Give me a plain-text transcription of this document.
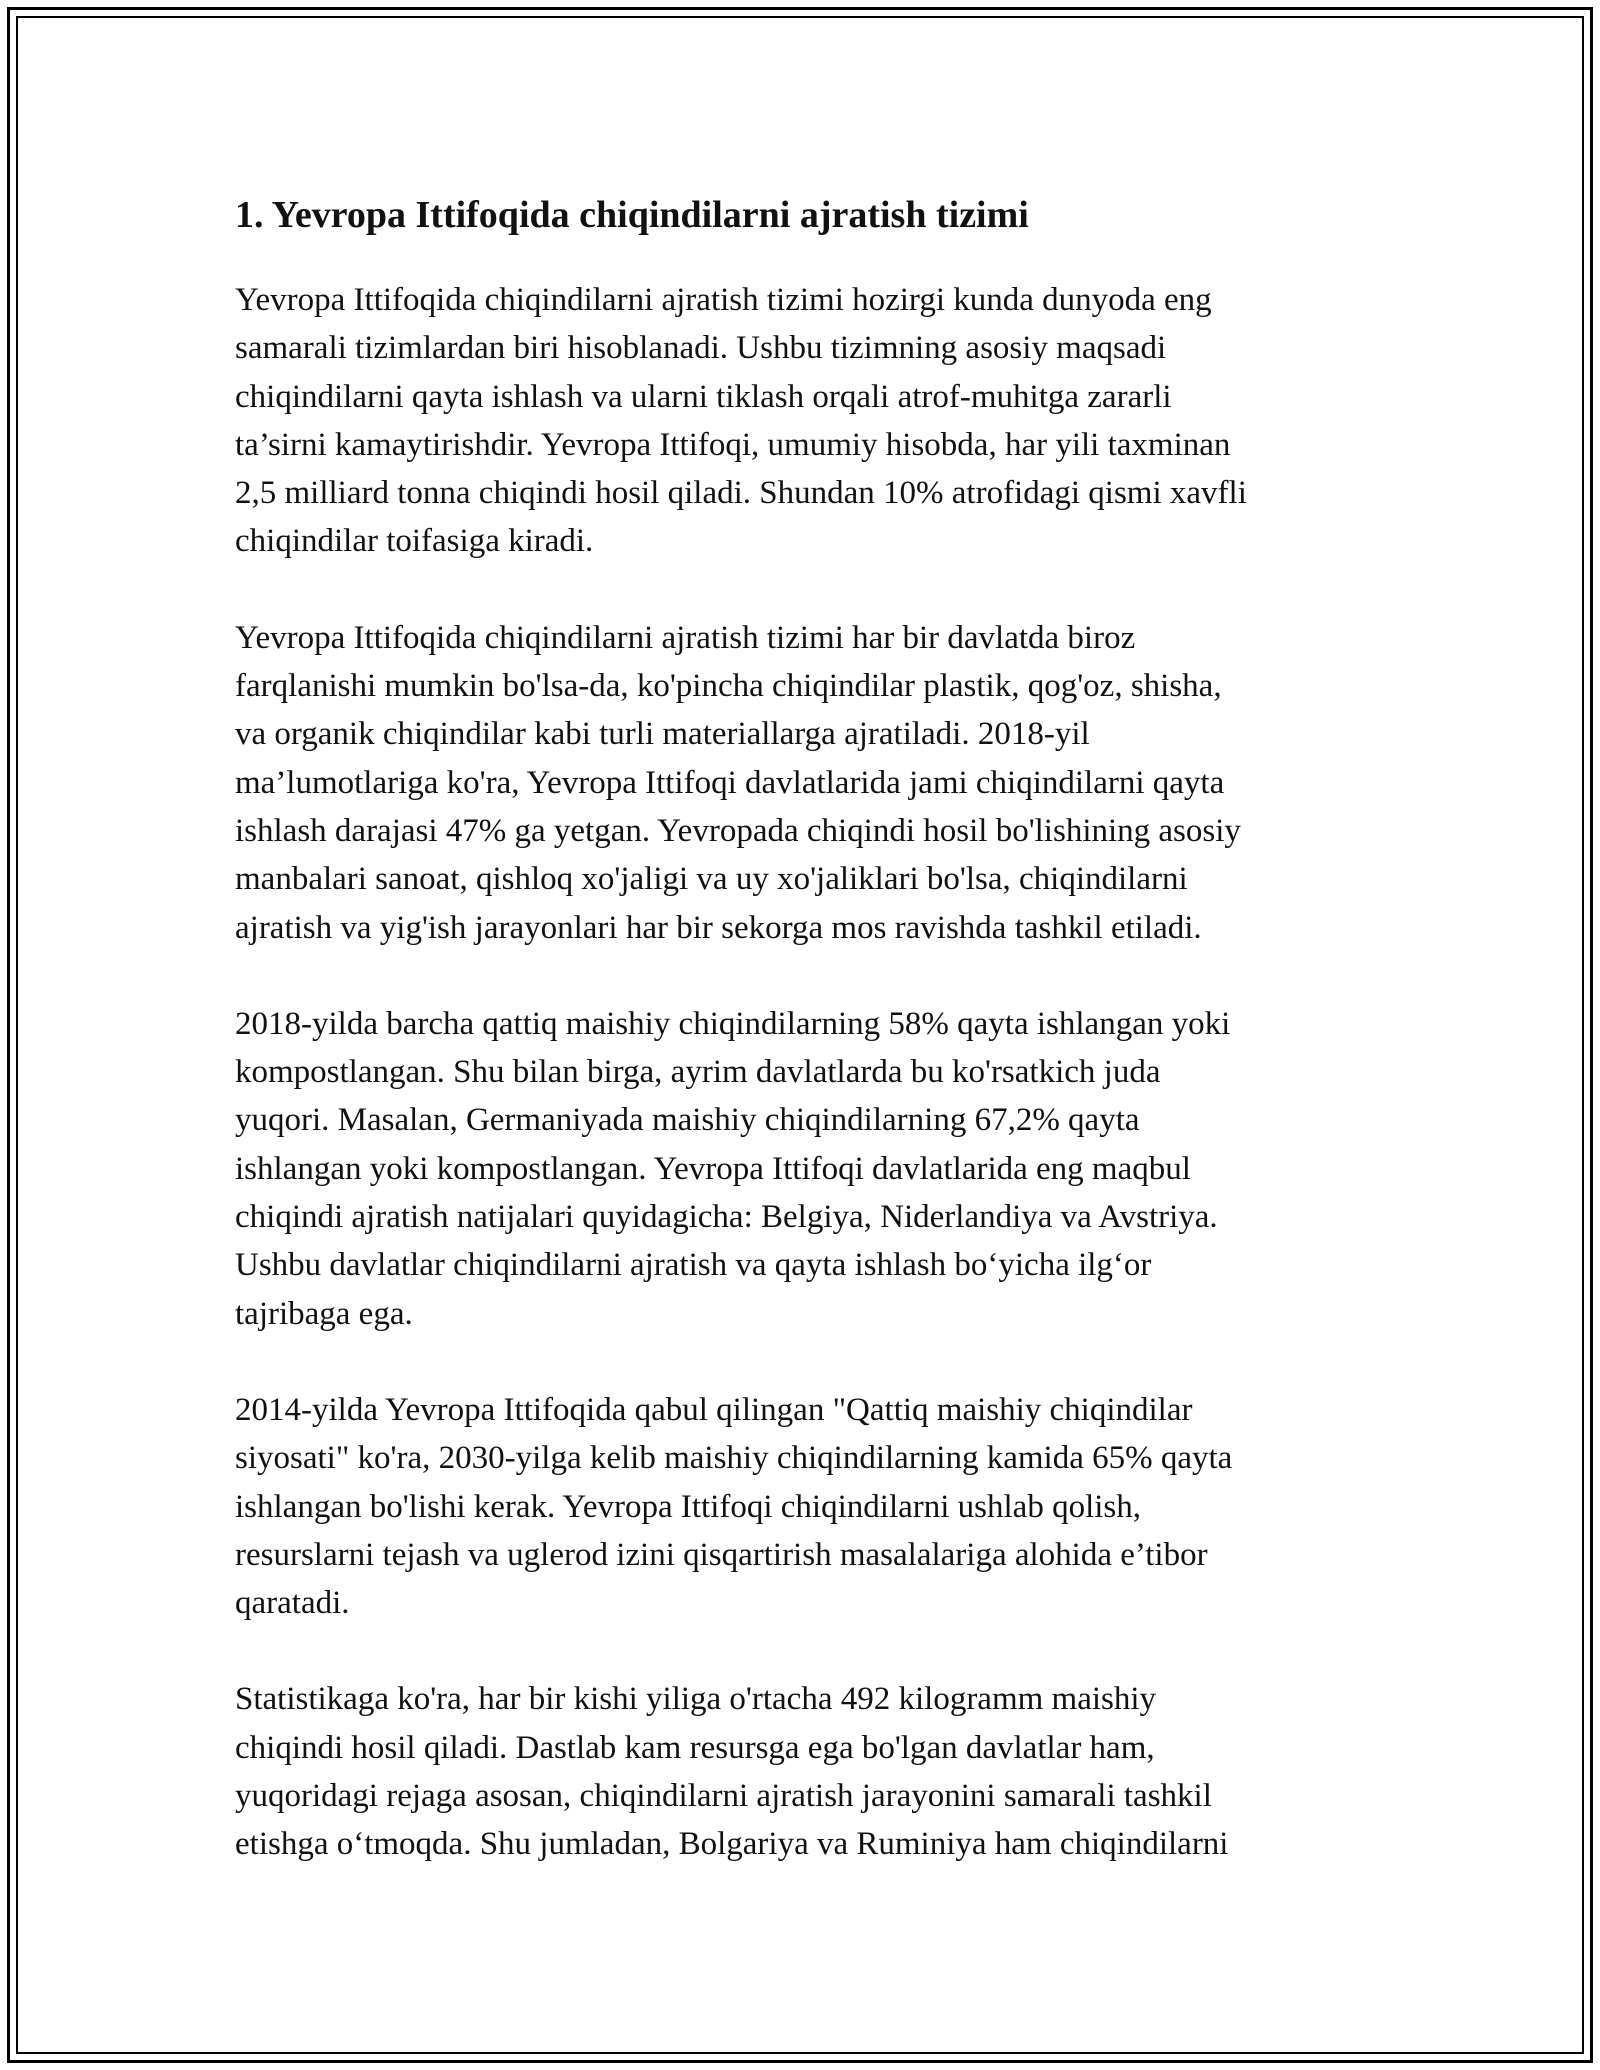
1. Yevropa Ittifoqida chiqindilarni ajratish tizimi

Yevropa Ittifoqida chiqindilarni ajratish tizimi hozirgi kunda dunyoda eng
samarali tizimlardan biri hisoblanadi. Ushbu tizimning asosiy maqsadi
chiqindilarni qayta ishlash va ularni tiklash orqali atrof-muhitga zararli
ta’sirni kamaytirishdir. Yevropa Ittifoqi, umumiy hisobda, har yili taxminan
2,5 milliard tonna chiqindi hosil qiladi. Shundan 10% atrofidagi qismi xavfli
chiqindilar toifasiga kiradi.

Yevropa Ittifoqida chiqindilarni ajratish tizimi har bir davlatda biroz
farqlanishi mumkin bo'lsa-da, ko'pincha chiqindilar plastik, qog'oz, shisha,
va organik chiqindilar kabi turli materiallarga ajratiladi. 2018-yil
ma’lumotlariga ko'ra, Yevropa Ittifoqi davlatlarida jami chiqindilarni qayta
ishlash darajasi 47% ga yetgan. Yevropada chiqindi hosil bo'lishining asosiy
manbalari sanoat, qishloq xo'jaligi va uy xo'jaliklari bo'lsa, chiqindilarni
ajratish va yig'ish jarayonlari har bir sekorga mos ravishda tashkil etiladi.

2018-yilda barcha qattiq maishiy chiqindilarning 58% qayta ishlangan yoki
kompostlangan. Shu bilan birga, ayrim davlatlarda bu ko'rsatkich juda
yuqori. Masalan, Germaniyada maishiy chiqindilarning 67,2% qayta
ishlangan yoki kompostlangan. Yevropa Ittifoqi davlatlarida eng maqbul
chiqindi ajratish natijalari quyidagicha: Belgiya, Niderlandiya va Avstriya.
Ushbu davlatlar chiqindilarni ajratish va qayta ishlash bo‘yicha ilg‘or
tajribaga ega.

2014-yilda Yevropa Ittifoqida qabul qilingan "Qattiq maishiy chiqindilar
siyosati" ko'ra, 2030-yilga kelib maishiy chiqindilarning kamida 65% qayta
ishlangan bo'lishi kerak. Yevropa Ittifoqi chiqindilarni ushlab qolish,
resurslarni tejash va uglerod izini qisqartirish masalalariga alohida e’tibor
qaratadi.

Statistikaga ko'ra, har bir kishi yiliga o'rtacha 492 kilogramm maishiy
chiqindi hosil qiladi. Dastlab kam resursga ega bo'lgan davlatlar ham,
yuqoridagi rejaga asosan, chiqindilarni ajratish jarayonini samarali tashkil
etishga o‘tmoqda. Shu jumladan, Bolgariya va Ruminiya ham chiqindilarni
